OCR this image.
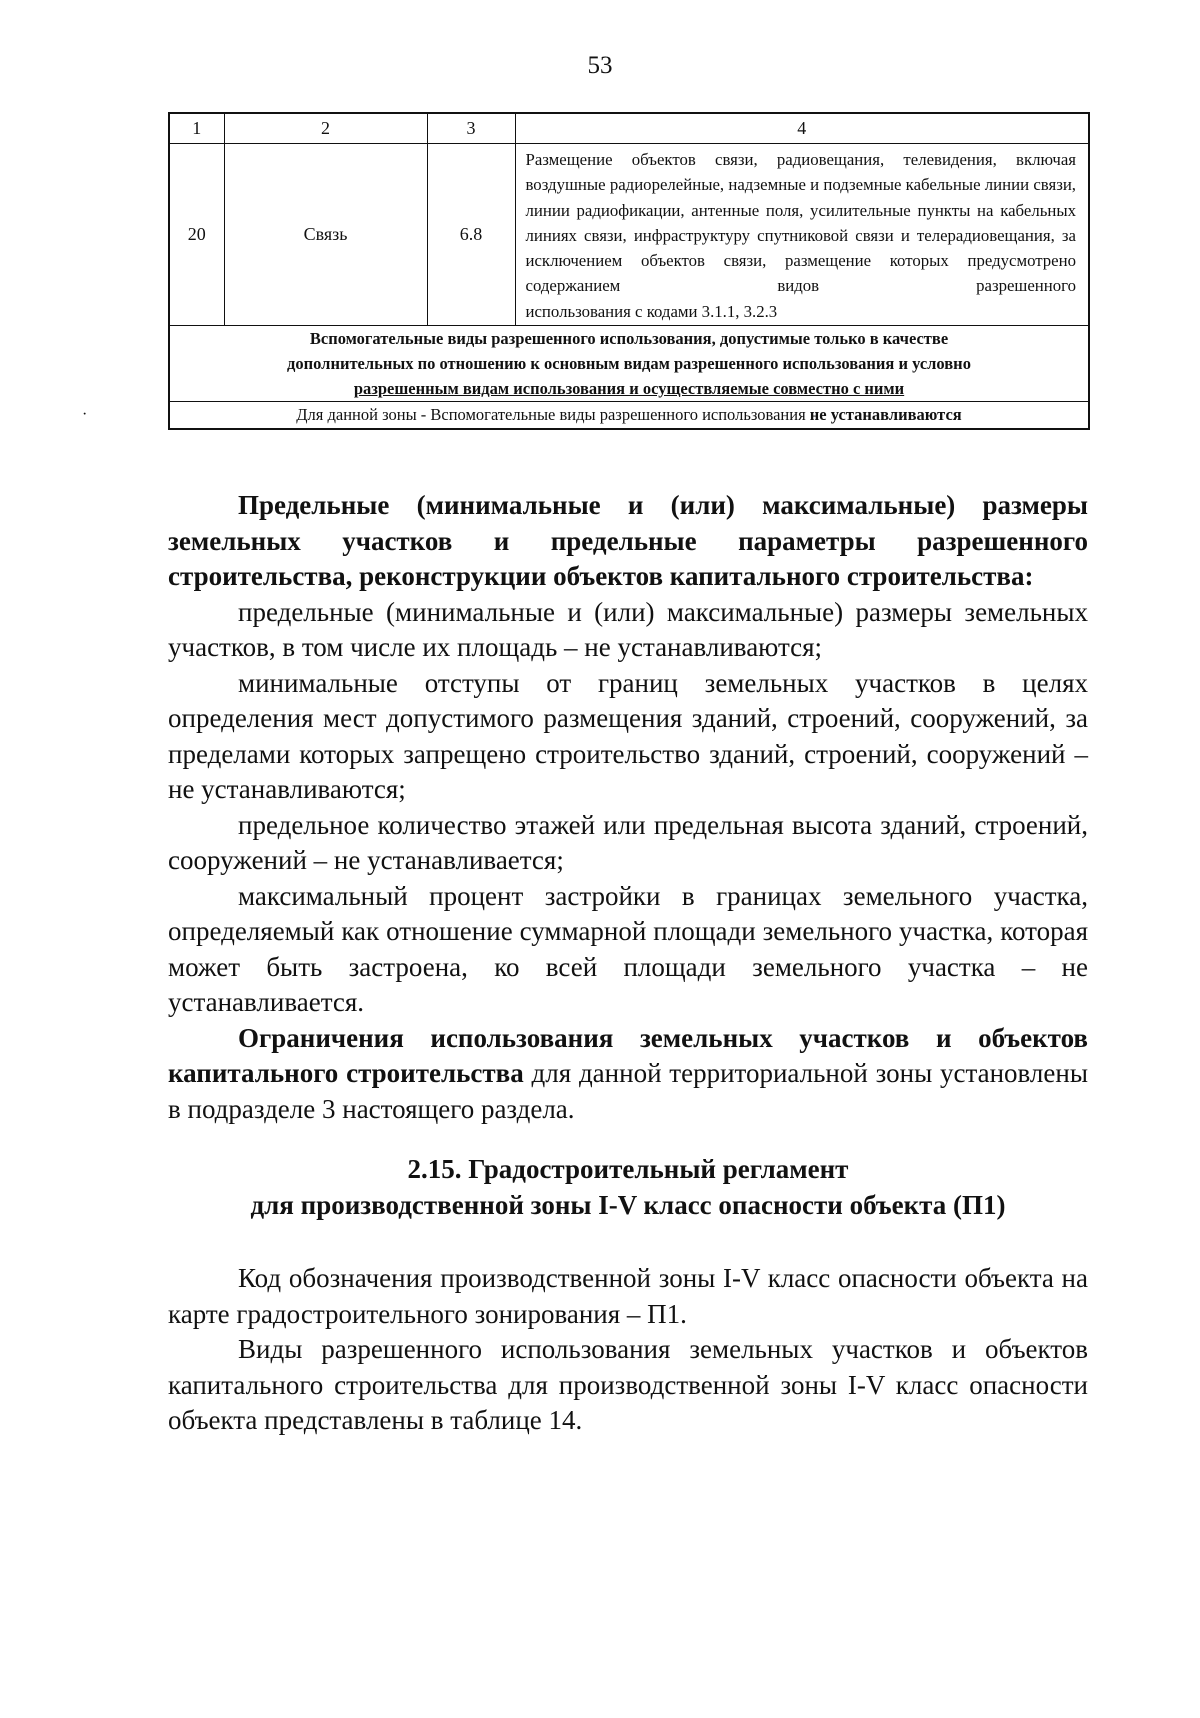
53
·
1	2	3	4
20	Связь	6.8	Размещение объектов связи, радиовещания, телевидения, включая воздушные радиорелейные, надземные и подземные кабельные линии связи, линии радиофикации, антенные поля, усилительные пункты на кабельных линиях связи, инфраструктуру спутниковой связи и телерадиовещания, за исключением объектов связи, размещение которых предусмотрено содержанием видов разрешенного
использования с кодами 3.1.1, 3.2.3

Вспомогательные виды разрешенного использования, допустимые только в качестве
дополнительных по отношению к основным видам разрешенного использования и условно
разрешенным видам использования и осуществляемые совместно с ними			

Для данной зоны - Вспомогательные виды разрешенного использования не устанавливаются			

Предельные (минимальные и (или) максимальные) размеры земельных участков и предельные параметры разрешенного строительства, реконструкции объектов капитального строительства:

предельные (минимальные и (или) максимальные) размеры земельных участков, в том числе их площадь – не устанавливаются;

минимальные отступы от границ земельных участков в целях определения мест допустимого размещения зданий, строений, сооружений, за пределами которых запрещено строительство зданий, строений, сооружений – не устанавливаются;

предельное количество этажей или предельная высота зданий, строений, сооружений – не устанавливается;

максимальный процент застройки в границах земельного участка, определяемый как отношение суммарной площади земельного участка, которая может быть застроена, ко всей площади земельного участка – не устанавливается.

Ограничения использования земельных участков и объектов капитального строительства для данной территориальной зоны установлены в подразделе 3 настоящего раздела.

2.15. Градостроительный регламент

для производственной зоны I-V класс опасности объекта (П1)

Код обозначения производственной зоны I-V класс опасности объекта на карте градостроительного зонирования – П1.

Виды разрешенного использования земельных участков и объектов капитального строительства для производственной зоны I-V класс опасности объекта представлены в таблице 14.
